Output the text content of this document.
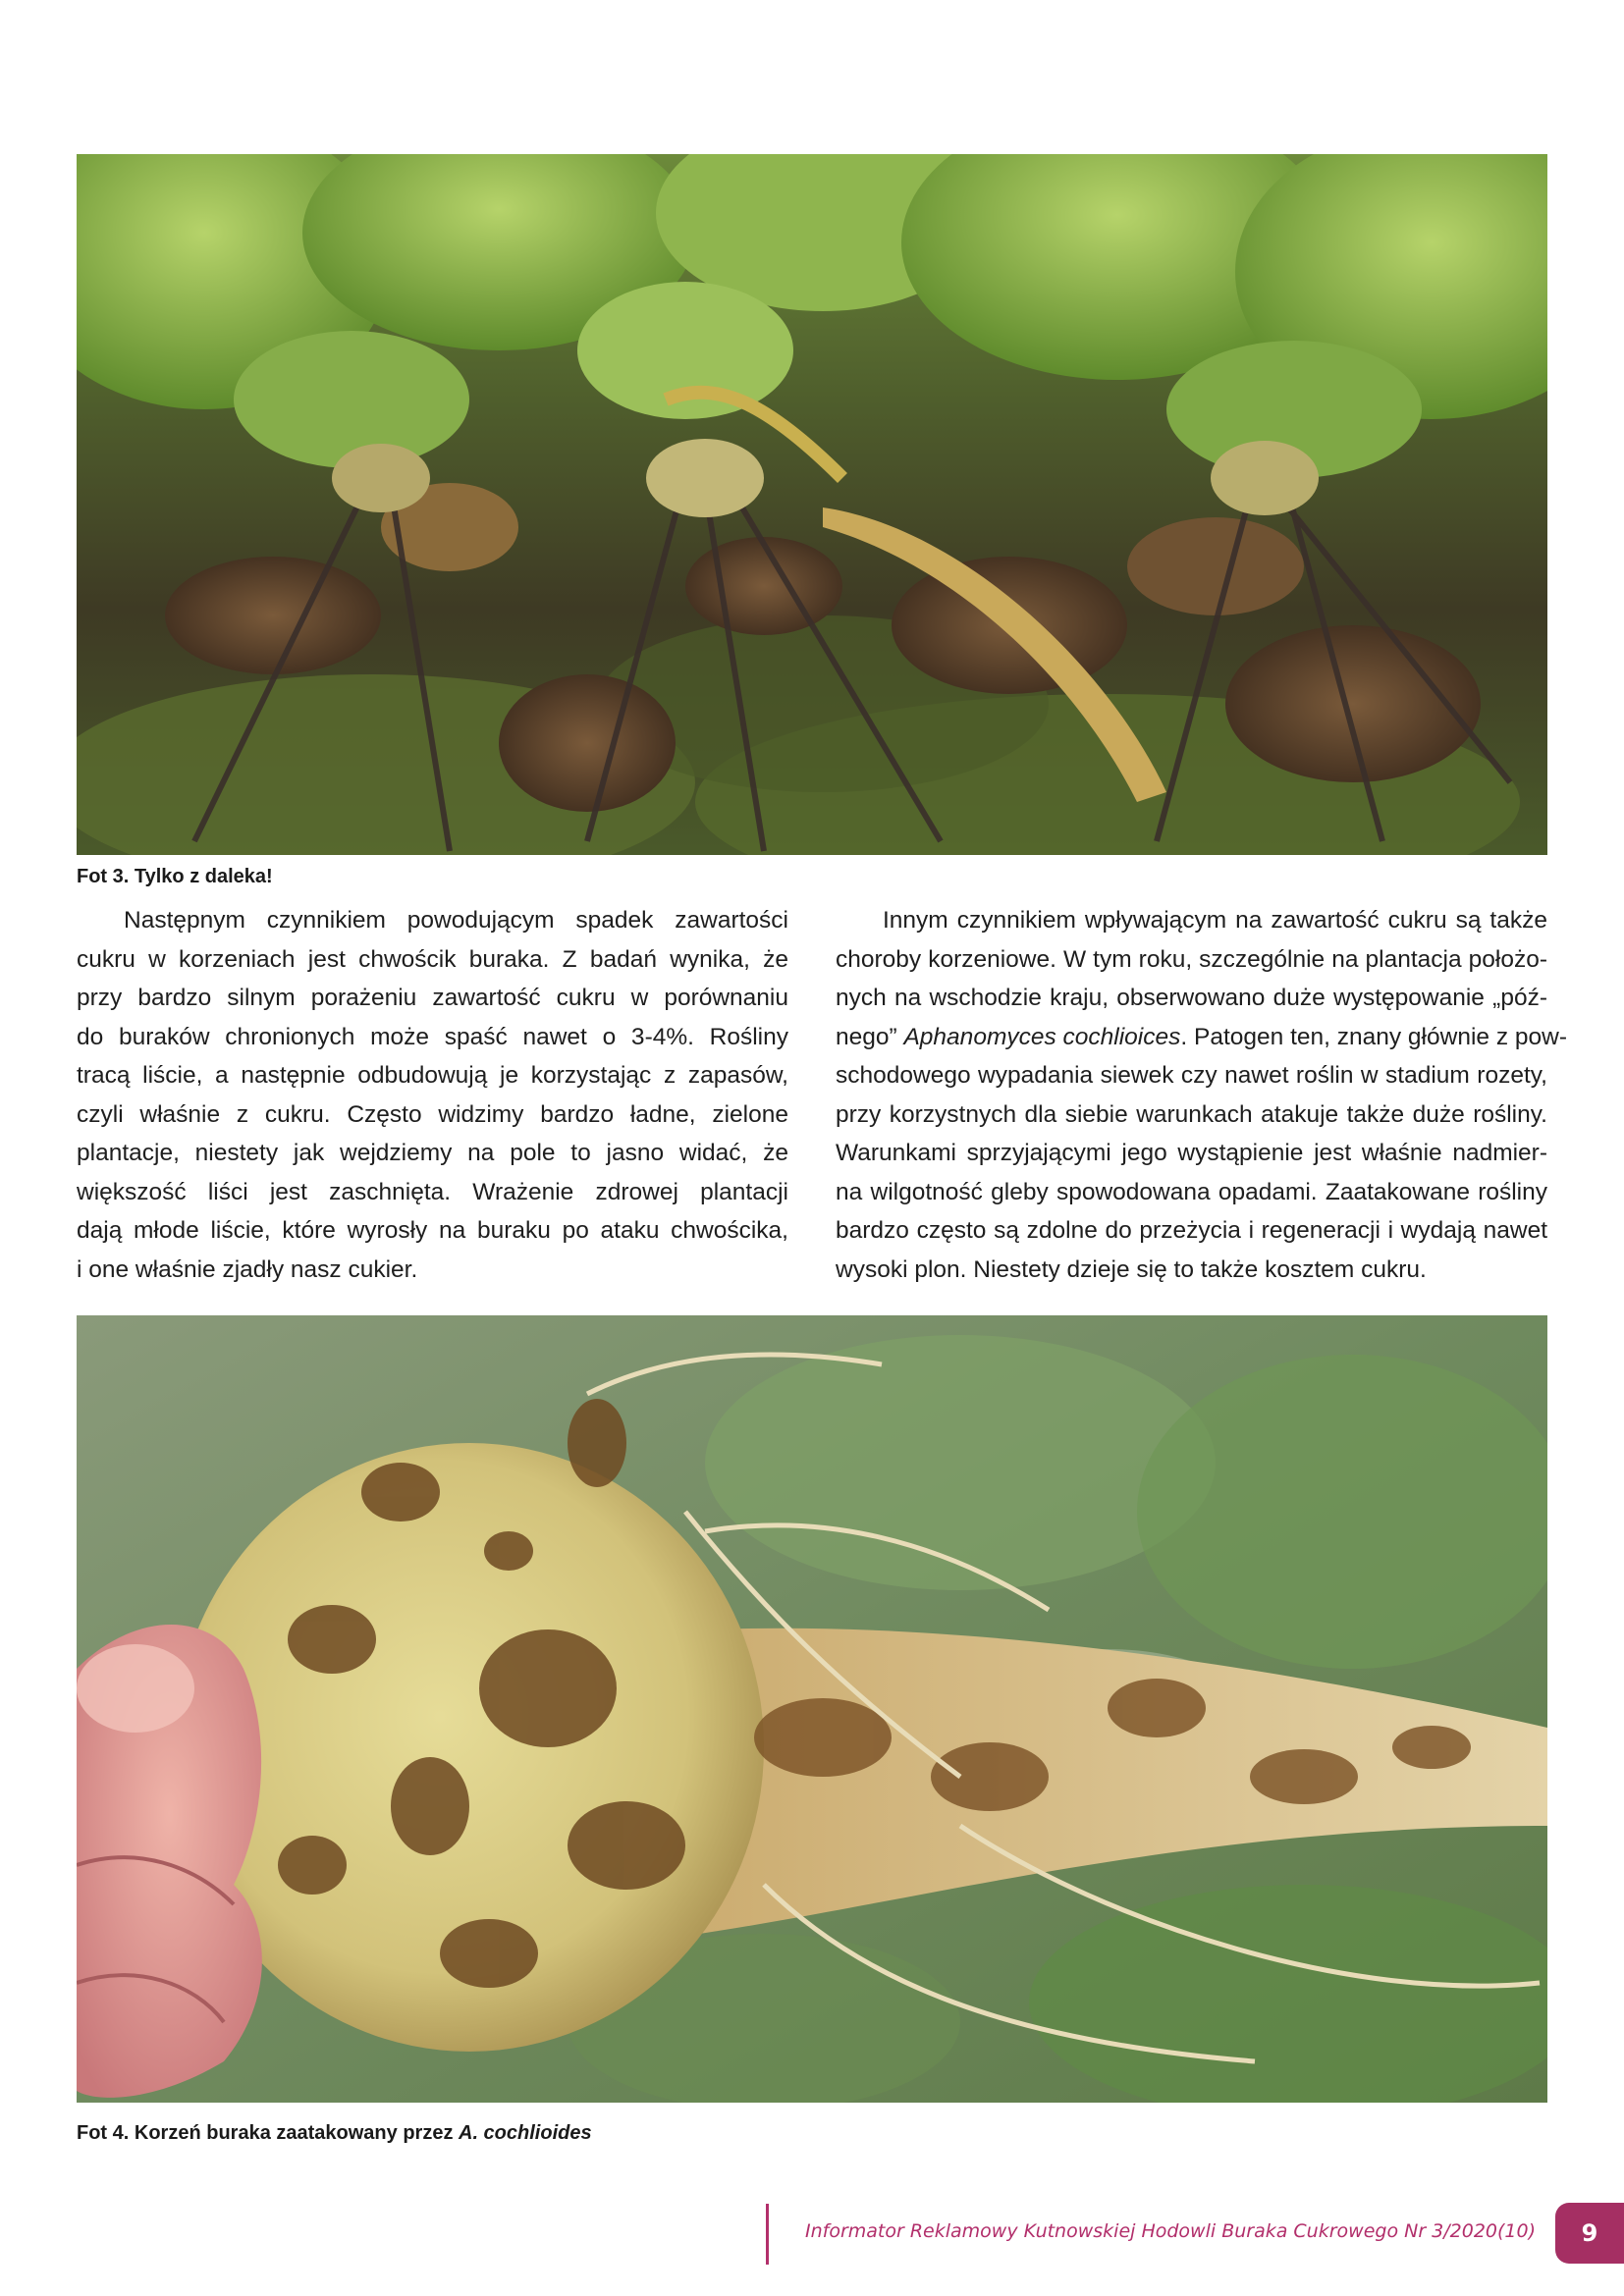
Fot 3. Tylko z daleka!
Następnym czynnikiem powodującym spadek zawartości
cukru w korzeniach jest chwościk buraka. Z badań wynika, że
przy bardzo silnym porażeniu zawartość cukru w porównaniu
do buraków chronionych może spaść nawet o 3-4%. Rośliny
tracą liście, a następnie odbudowują je korzystając z zapasów,
czyli właśnie z cukru. Często widzimy bardzo ładne, zielone
plantacje, niestety jak wejdziemy na pole to jasno widać, że
większość liści jest zaschnięta. Wrażenie zdrowej plantacji
dają młode liście, które wyrosły na buraku po ataku chwościka,
i one właśnie zjadły nasz cukier.
Innym czynnikiem wpływającym na zawartość cukru są także
choroby korzeniowe. W tym roku, szczególnie na plantacja położo-
nych na wschodzie kraju, obserwowano duże występowanie „póź-
nego” Aphanomyces cochlioices. Patogen ten, znany głównie z pow-
schodowego wypadania siewek czy nawet roślin w stadium rozety,
przy korzystnych dla siebie warunkach atakuje także duże rośliny.
Warunkami sprzyjającymi jego wystąpienie jest właśnie nadmier-
na wilgotność gleby spowodowana opadami. Zaatakowane rośliny
bardzo często są zdolne do przeżycia i regeneracji i wydają nawet
wysoki plon. Niestety dzieje się to także kosztem cukru.
Fot 4. Korzeń buraka zaatakowany przez A. cochlioides
Informator Reklamowy Kutnowskiej Hodowli Buraka Cukrowego Nr 3/2020(10)	9
